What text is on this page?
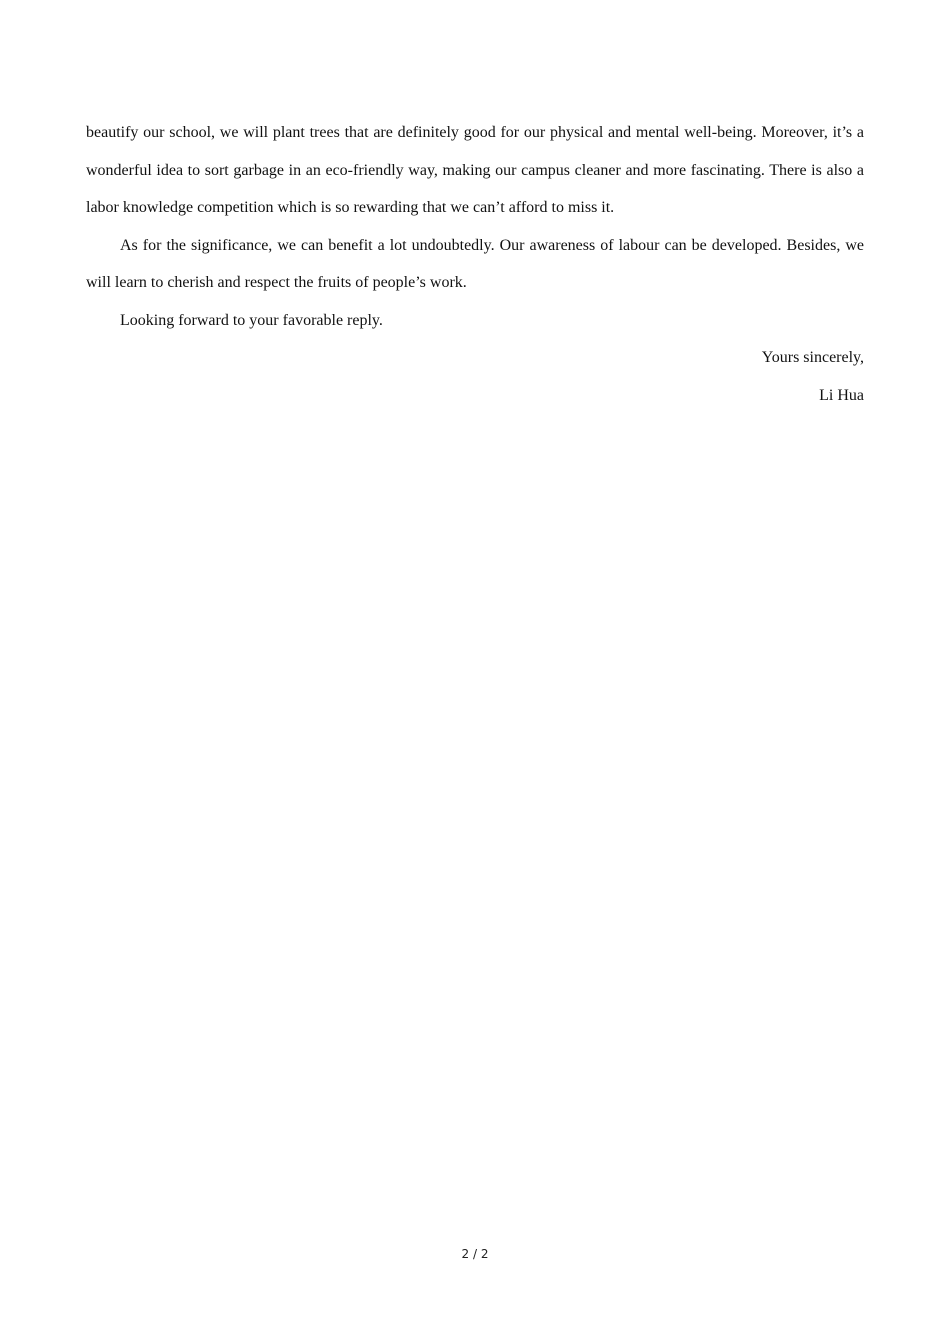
beautify our school, we will plant trees that are definitely good for our physical and mental well-being. Moreover, it’s a wonderful idea to sort garbage in an eco-friendly way, making our campus cleaner and more fascinating. There is also a labor knowledge competition which is so rewarding that we can’t afford to miss it.

As for the significance, we can benefit a lot undoubtedly. Our awareness of labour can be developed. Besides, we will learn to cherish and respect the fruits of people’s work.

Looking forward to your favorable reply.

Yours sincerely,

Li Hua

2 / 2
